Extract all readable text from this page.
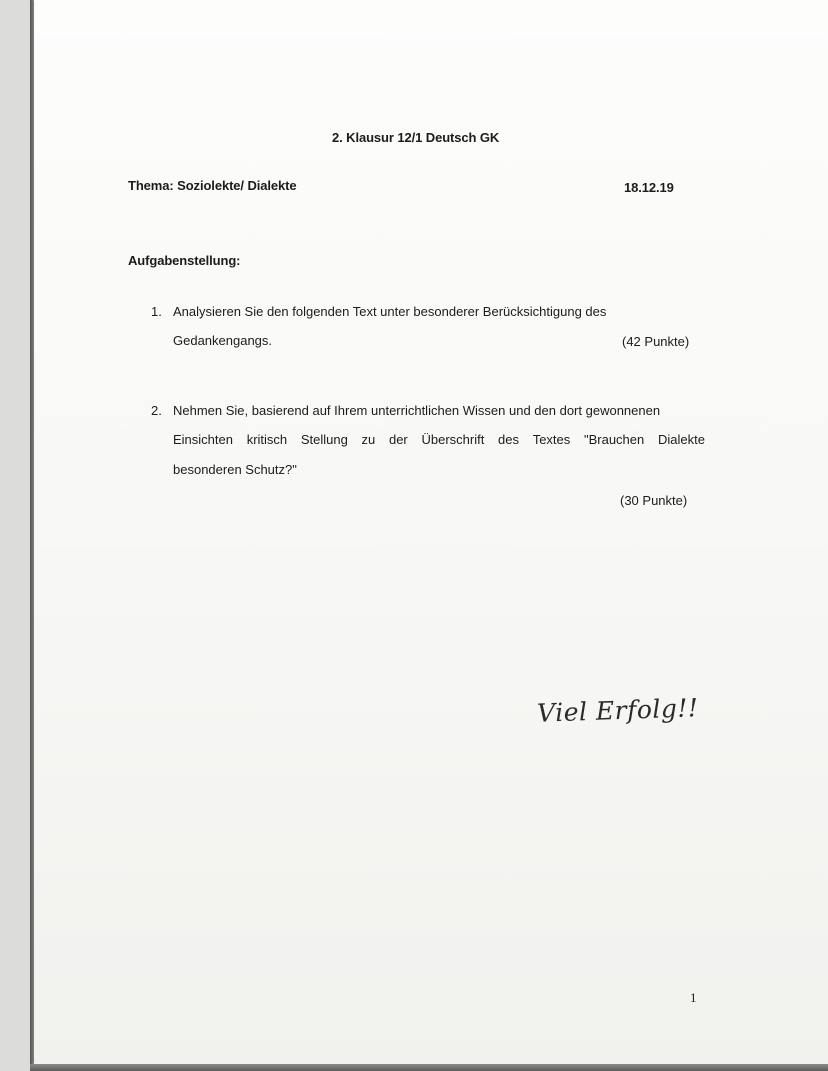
2. Klausur 12/1 Deutsch GK
Thema: Soziolekte/ Dialekte	18.12.19
Aufgabenstellung:
1. Analysieren Sie den folgenden Text unter besonderer Berücksichtigung des
Gedankengangs.	(42 Punkte)
2. Nehmen Sie, basierend auf Ihrem unterrichtlichen Wissen und den dort gewonnenen
Einsichten kritisch Stellung zu der Überschrift des Textes "Brauchen Dialekte
besonderen Schutz?"
(30 Punkte)
Viel Erfolg!!
1
